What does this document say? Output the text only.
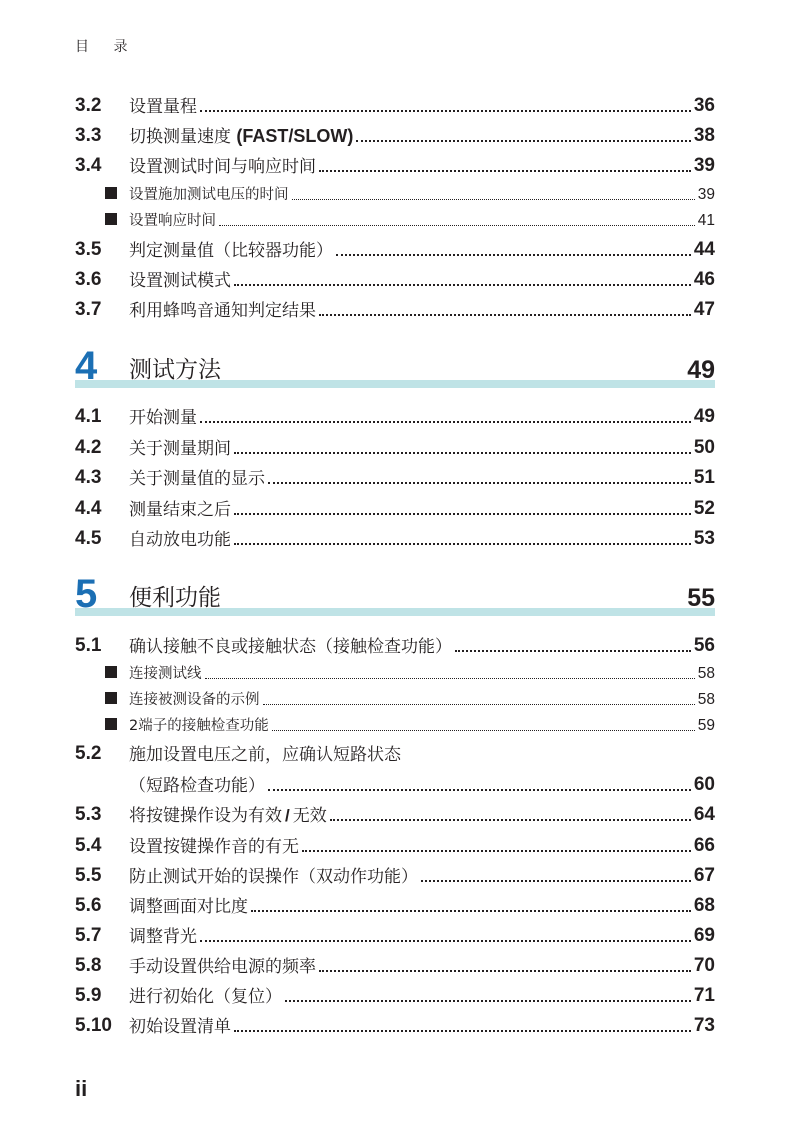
目 录
3.2	设置量程	36
3.3	切换测量速度 (FAST/SLOW)	38
3.4	设置测试时间与响应时间	39
设置施加测试电压的时间	39
设置响应时间	41
3.5	判定测量值（比较器功能）	44
3.6	设置测试模式	46
3.7	利用蜂鸣音通知判定结果	47
4 测试方法	49
4.1	开始测量	49
4.2	关于测量期间	50
4.3	关于测量值的显示	51
4.4	测量结束之后	52
4.5	自动放电功能	53
5 便利功能	55
5.1	确认接触不良或接触状态（接触检查功能）	56
连接测试线	58
连接被测设备的示例	58
2端子的接触检查功能	59
5.2	施加设置电压之前，应确认短路状态
（短路检查功能）	60
5.3	将按键操作设为有效 / 无效	64
5.4	设置按键操作音的有无	66
5.5	防止测试开始的误操作（双动作功能）	67
5.6	调整画面对比度	68
5.7	调整背光	69
5.8	手动设置供给电源的频率	70
5.9	进行初始化（复位）	71
5.10	初始设置清单	73
ii
